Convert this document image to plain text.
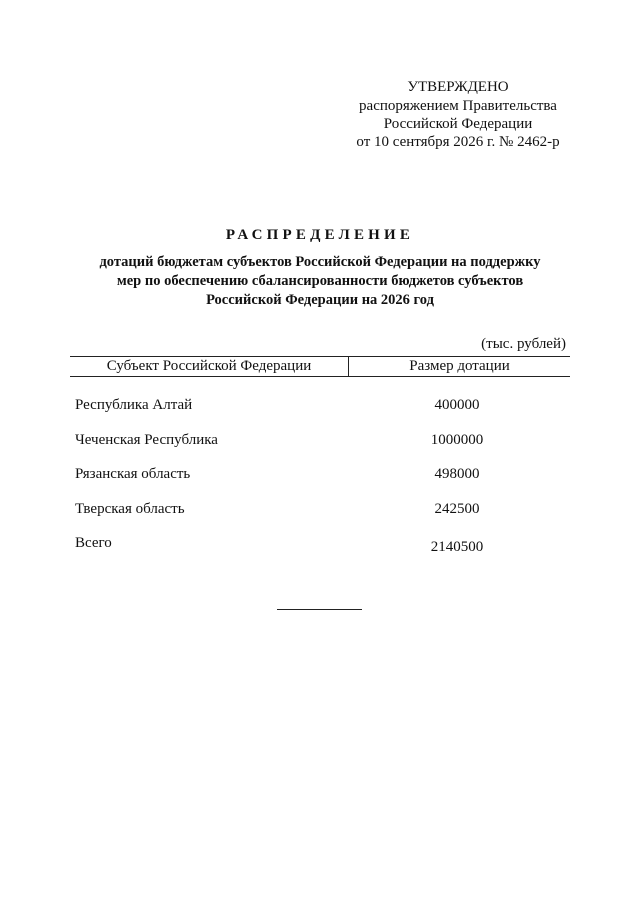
УТВЕРЖДЕНО
распоряжением Правительства
Российской Федерации
от 10 сентября 2026 г. № 2462-р
РАСПРЕДЕЛЕНИЕ
дотаций бюджетам субъектов Российской Федерации на поддержку
мер по обеспечению сбалансированности бюджетов субъектов
Российской Федерации на 2026 год
(тыс. рублей)
Субъект Российской Федерации	Размер дотации
Республика Алтай	400000
Чеченская Республика	1000000
Рязанская область	498000
Тверская область	242500
Всего	2140500
